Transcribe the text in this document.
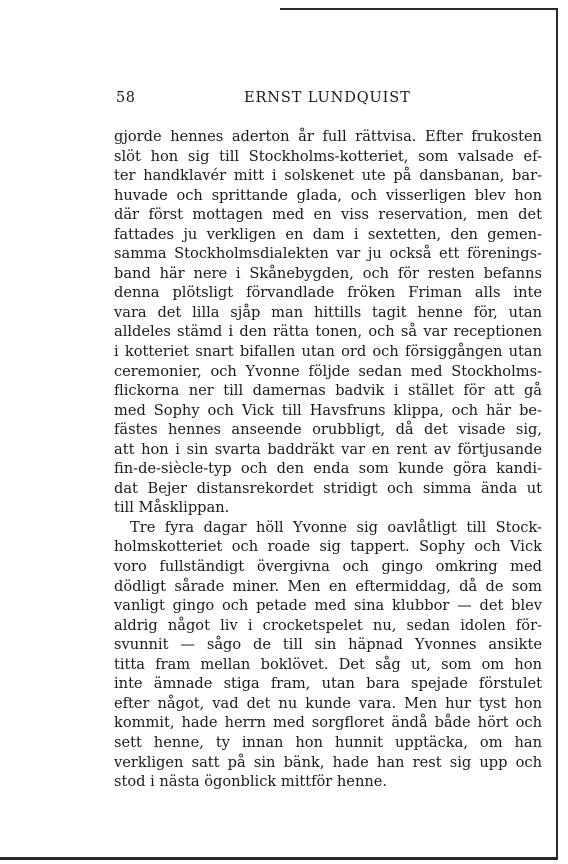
58	ERNST LUNDQUIST
gjorde hennes aderton år full rättvisa. Efter frukosten
slöt hon sig till Stockholms-kotteriet, som valsade ef-
ter handklavér mitt i solskenet ute på dansbanan, bar-
huvade och sprittande glada, och visserligen blev hon
där först mottagen med en viss reservation, men det
fattades ju verkligen en dam i sextetten, den gemen-
samma Stockholmsdialekten var ju också ett förenings-
band här nere i Skånebygden, och för resten befanns
denna plötsligt förvandlade fröken Friman alls inte
vara det lilla sjåp man hittills tagit henne för, utan
alldeles stämd i den rätta tonen, och så var receptionen
i kotteriet snart bifallen utan ord och försiggången utan
ceremonier, och Yvonne följde sedan med Stockholms-
flickorna ner till damernas badvik i stället för att gå
med Sophy och Vick till Havsfruns klippa, och här be-
fästes hennes anseende orubbligt, då det visade sig,
att hon i sin svarta baddräkt var en rent av förtjusande
fin-de-siècle-typ och den enda som kunde göra kandi-
dat Bejer distansrekordet stridigt och simma ända ut
till Måsklippan.
Tre fyra dagar höll Yvonne sig oavlåtligt till Stock-
holmskotteriet och roade sig tappert. Sophy och Vick
voro fullständigt övergivna och gingo omkring med
dödligt sårade miner. Men en eftermiddag, då de som
vanligt gingo och petade med sina klubbor — det blev
aldrig något liv i crocketspelet nu, sedan idolen för-
svunnit — sågo de till sin häpnad Yvonnes ansikte
titta fram mellan boklövet. Det såg ut, som om hon
inte ämnade stiga fram, utan bara spejade förstulet
efter något, vad det nu kunde vara. Men hur tyst hon
kommit, hade herrn med sorgfloret ändå både hört och
sett henne, ty innan hon hunnit upptäcka, om han
verkligen satt på sin bänk, hade han rest sig upp och
stod i nästa ögonblick mittför henne.
